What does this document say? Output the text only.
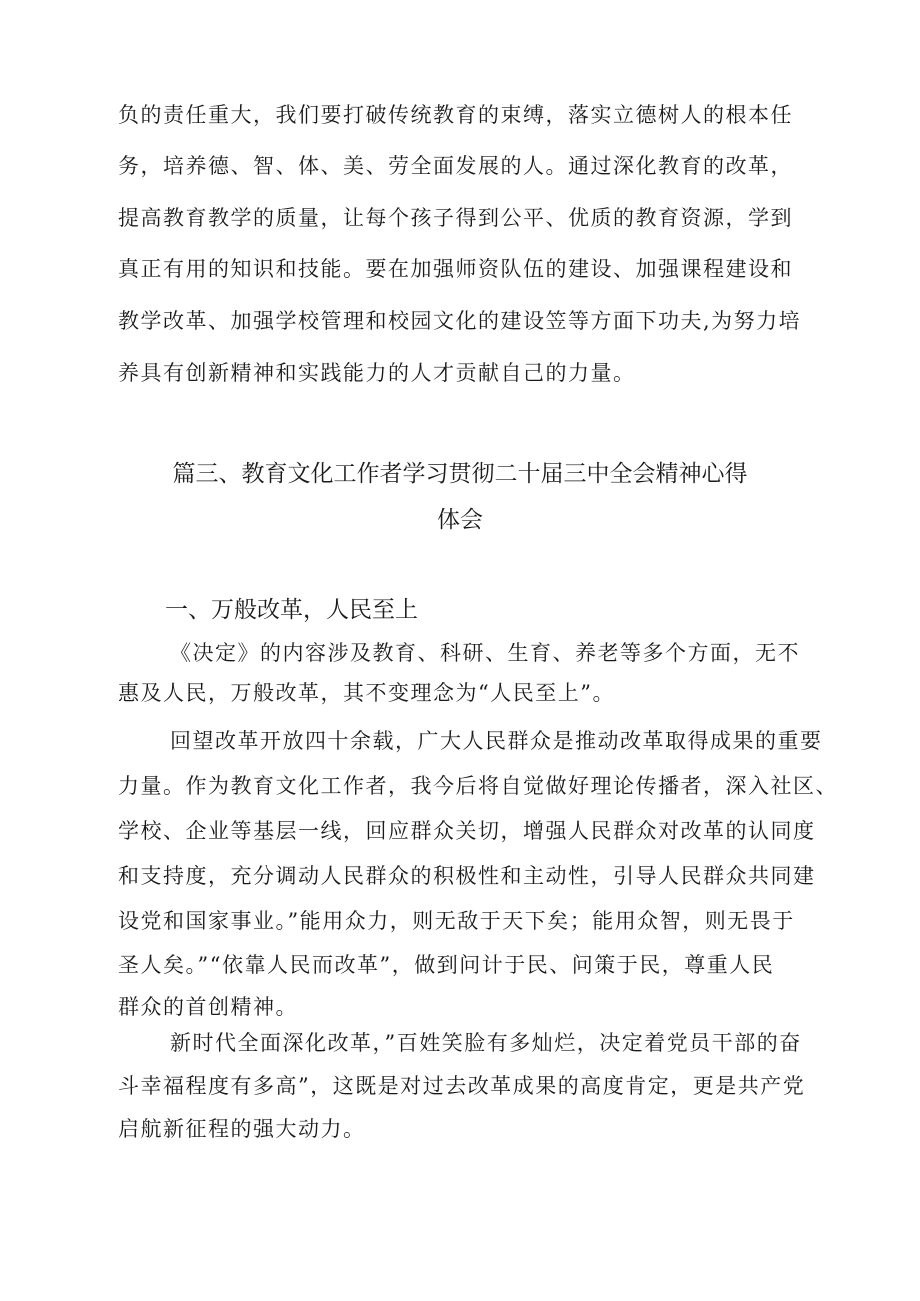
负的责任重大，我们要打破传统教育的束缚，落实立德树人的根本任
务，培养德、智、体、美、劳全面发展的人。通过深化教育的改革，
提高教育教学的质量，让每个孩子得到公平、优质的教育资源，学到
真正有用的知识和技能。要在加强师资队伍的建设、加强课程建设和
教学改革、加强学校管理和校园文化的建设笠等方面下功夫,为努力培
养具有创新精神和实践能力的人才贡献自己的力量。
篇三、教育文化工作者学习贯彻二十届三中全会精神心得
体会
一、万般改革，人民至上
《决定》的内容涉及教育、科研、生育、养老等多个方面，无不
惠及人民，万般改革，其不变理念为“人民至上”。
回望改革开放四十余载，广大人民群众是推动改革取得成果的重要
力量。作为教育文化工作者，我今后将自觉做好理论传播者，深入社区、
学校、企业等基层一线，回应群众关切，增强人民群众对改革的认同度
和支持度，充分调动人民群众的积极性和主动性，引导人民群众共同建
设党和国家事业。”能用众力，则无敌于天下矣；能用众智，则无畏于
圣人矣。”“依靠人民而改革”，做到问计于民、问策于民，尊重人民
群众的首创精神。
新时代全面深化改革，”百姓笑脸有多灿烂，决定着党员干部的奋
斗幸福程度有多高”，这既是对过去改革成果的高度肯定，更是共产党
启航新征程的强大动力。
